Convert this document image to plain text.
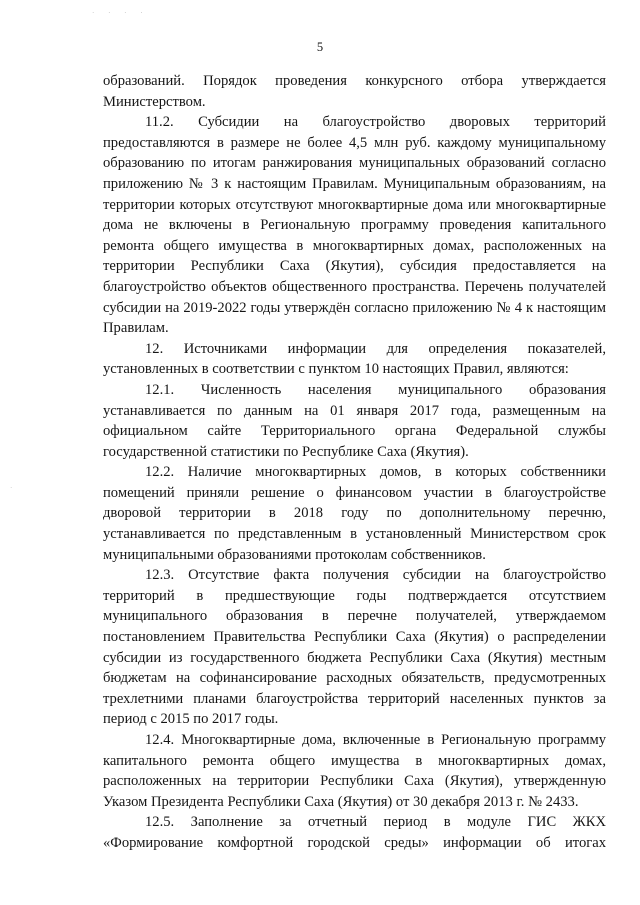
· · · ·
·
5

образований. Порядок проведения конкурсного отбора утверждается Министерством.

11.2. Субсидии на благоустройство дворовых территорий предоставляются в размере не более 4,5 млн руб. каждому муниципальному образованию по итогам ранжирования муниципальных образований согласно приложению № 3 к настоящим Правилам. Муниципальным образованиям, на территории которых отсутствуют многоквартирные дома или многоквартирные дома не включены в Региональную программу проведения капитального ремонта общего имущества в многоквартирных домах, расположенных на территории Республики Саха (Якутия), субсидия предоставляется на благоустройство объектов общественного пространства. Перечень получателей субсидии на 2019-2022 годы утверждён согласно приложению № 4 к настоящим Правилам.

12. Источниками информации для определения показателей, установленных в соответствии с пунктом 10 настоящих Правил, являются:

12.1. Численность населения муниципального образования устанавливается по данным на 01 января 2017 года, размещенным на официальном сайте Территориального органа Федеральной службы государственной статистики по Республике Саха (Якутия).

12.2. Наличие многоквартирных домов, в которых собственники помещений приняли решение о финансовом участии в благоустройстве дворовой территории в 2018 году по дополнительному перечню, устанавливается по представленным в установленный Министерством срок муниципальными образованиями протоколам собственников.

12.3. Отсутствие факта получения субсидии на благоустройство территорий в предшествующие годы подтверждается отсутствием муниципального образования в перечне получателей, утверждаемом постановлением Правительства Республики Саха (Якутия) о распределении субсидии из государственного бюджета Республики Саха (Якутия) местным бюджетам на софинансирование расходных обязательств, предусмотренных трехлетними планами благоустройства территорий населенных пунктов за период с 2015 по 2017 годы.

12.4. Многоквартирные дома, включенные в Региональную программу капитального ремонта общего имущества в многоквартирных домах, расположенных на территории Республики Саха (Якутия), утвержденную Указом Президента Республики Саха (Якутия) от 30 декабря 2013 г. № 2433.

12.5. Заполнение за отчетный период в модуле ГИС ЖКХ «Формирование комфортной городской среды» информации об итогах
